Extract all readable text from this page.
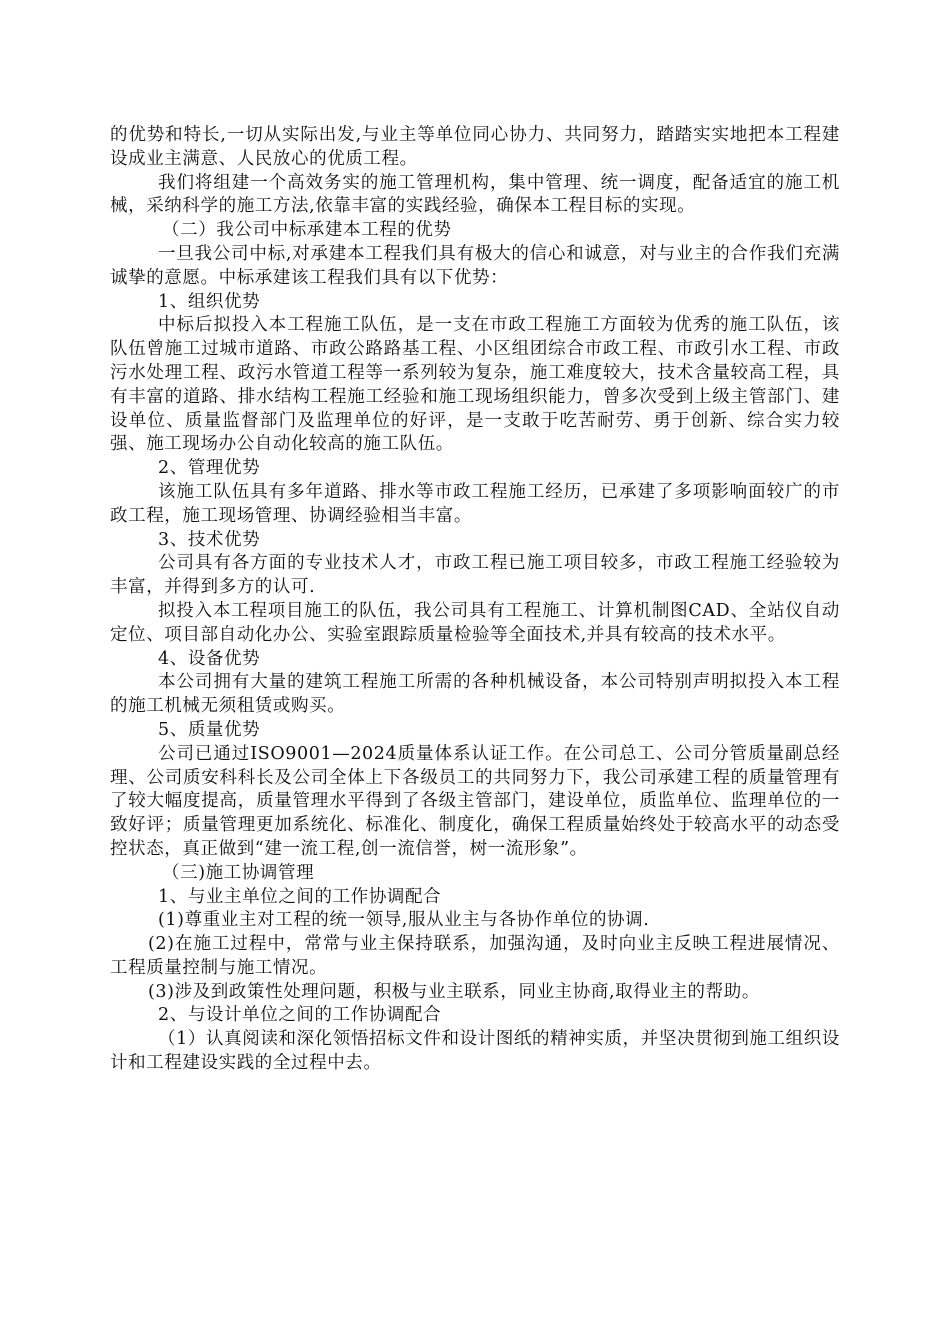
的优势和特长,一切从实际出发,与业主等单位同心协力、共同努力，踏踏实实地把本工程建设成业主满意、人民放心的优质工程。

我们将组建一个高效务实的施工管理机构，集中管理、统一调度，配备适宜的施工机械，采纳科学的施工方法,依靠丰富的实践经验，确保本工程目标的实现。

（二）我公司中标承建本工程的优势

一旦我公司中标,对承建本工程我们具有极大的信心和诚意，对与业主的合作我们充满诚挚的意愿。中标承建该工程我们具有以下优势：

1、组织优势

中标后拟投入本工程施工队伍，是一支在市政工程施工方面较为优秀的施工队伍，该队伍曾施工过城市道路、市政公路路基工程、小区组团综合市政工程、市政引水工程、市政污水处理工程、政污水管道工程等一系列较为复杂，施工难度较大，技术含量较高工程，具有丰富的道路、排水结构工程施工经验和施工现场组织能力，曾多次受到上级主管部门、建设单位、质量监督部门及监理单位的好评，是一支敢于吃苦耐劳、勇于创新、综合实力较强、施工现场办公自动化较高的施工队伍。

2、管理优势

该施工队伍具有多年道路、排水等市政工程施工经历，已承建了多项影响面较广的市政工程，施工现场管理、协调经验相当丰富。

3、技术优势

公司具有各方面的专业技术人才，市政工程已施工项目较多，市政工程施工经验较为丰富，并得到多方的认可.

拟投入本工程项目施工的队伍，我公司具有工程施工、计算机制图CAD、全站仪自动定位、项目部自动化办公、实验室跟踪质量检验等全面技术,并具有较高的技术水平。

4、设备优势

本公司拥有大量的建筑工程施工所需的各种机械设备，本公司特别声明拟投入本工程的施工机械无须租赁或购买。

5、质量优势

公司已通过ISO9001—2024质量体系认证工作。在公司总工、公司分管质量副总经理、公司质安科科长及公司全体上下各级员工的共同努力下，我公司承建工程的质量管理有了较大幅度提高，质量管理水平得到了各级主管部门，建设单位，质监单位、监理单位的一致好评；质量管理更加系统化、标准化、制度化，确保工程质量始终处于较高水平的动态受控状态，真正做到“建一流工程,创一流信誉，树一流形象”。

（三)施工协调管理

1、与业主单位之间的工作协调配合

(1)尊重业主对工程的统一领导,服从业主与各协作单位的协调.

(2)在施工过程中，常常与业主保持联系，加强沟通，及时向业主反映工程进展情况、工程质量控制与施工情况。

(3)涉及到政策性处理问题，积极与业主联系，同业主协商,取得业主的帮助。

2、与设计单位之间的工作协调配合

（1）认真阅读和深化领悟招标文件和设计图纸的精神实质，并坚决贯彻到施工组织设计和工程建设实践的全过程中去。
